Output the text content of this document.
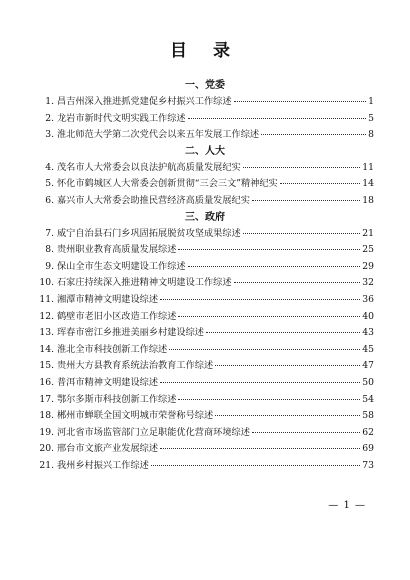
目 录
一、党委
1. 昌吉州深入推进抓党建促乡村振兴工作综述	1
2. 龙岩市新时代文明实践工作综述	5
3. 淮北师范大学第二次党代会以来五年发展工作综述	8
二、人大
4. 茂名市人大常委会以良法护航高质量发展纪实	11
5. 怀化市鹤城区人大常委会创新贯彻“三会三文”精神纪实	14
6. 嘉兴市人大常委会助推民营经济高质量发展纪实	18
三、政府
7. 威宁自治县石门乡巩固拓展脱贫攻坚成果综述	21
8. 贵州职业教育高质量发展综述	25
9. 保山全市生态文明建设工作综述	29
10. 石家庄持续深入推进精神文明建设工作综述	32
11. 湘潭市精神文明建设综述	36
12. 鹤壁市老旧小区改造工作综述	40
13. 珲春市密江乡推进美丽乡村建设综述	43
14. 淮北全市科技创新工作综述	45
15. 贵州大方县教育系统法治教育工作综述	47
16. 普洱市精神文明建设综述	50
17. 鄂尔多斯市科技创新工作综述	54
18. 郴州市蝉联全国文明城市荣誉称号综述	58
19. 河北省市场监管部门立足职能优化营商环境综述	62
20. 邢台市文旅产业发展综述	69
21. 我州乡村振兴工作综述	73
— 1 —
